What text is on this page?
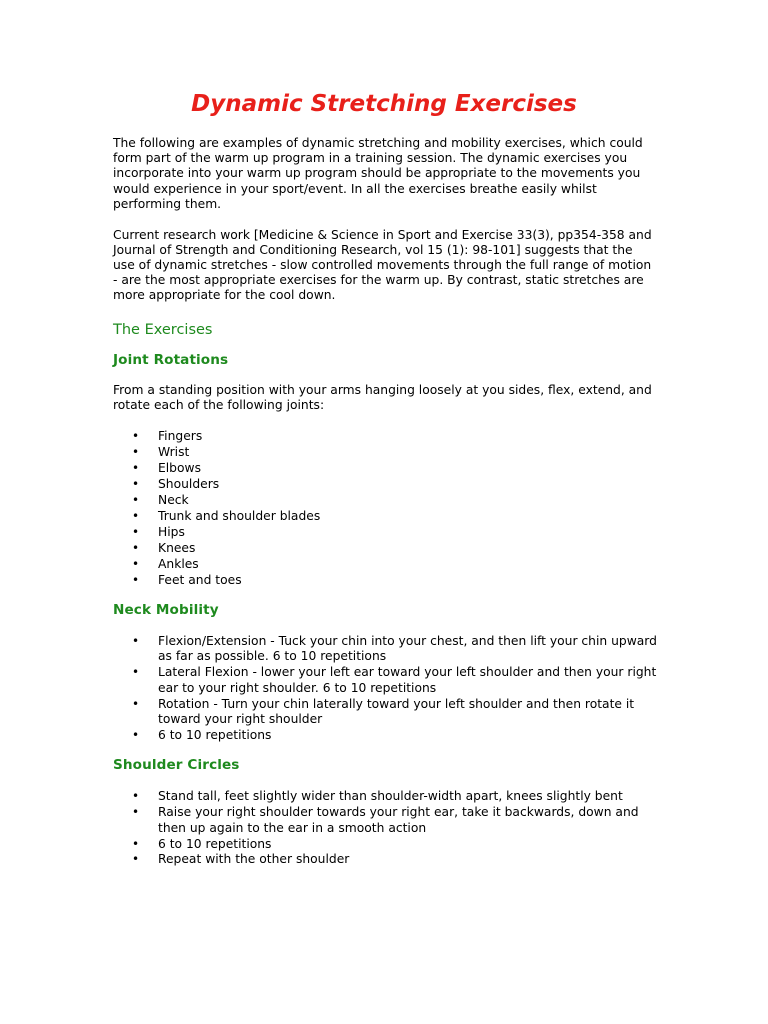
Dynamic Stretching Exercises

The following are examples of dynamic stretching and mobility exercises, which could form part of the warm up program in a training session. The dynamic exercises you incorporate into your warm up program should be appropriate to the movements you would experience in your sport/event. In all the exercises breathe easily whilst performing them.

Current research work [Medicine & Science in Sport and Exercise 33(3), pp354-358 and Journal of Strength and Conditioning Research, vol 15 (1): 98-101] suggests that the use of dynamic stretches - slow controlled movements through the full range of motion - are the most appropriate exercises for the warm up. By contrast, static stretches are more appropriate for the cool down.

The Exercises
Joint Rotations

From a standing position with your arms hanging loosely at you sides, flex, extend, and rotate each of the following joints:

• Fingers
• Wrist
• Elbows
• Shoulders
• Neck
• Trunk and shoulder blades
• Hips
• Knees
• Ankles
• Feet and toes
Neck Mobility
• Flexion/Extension - Tuck your chin into your chest, and then lift your chin upward as far as possible. 6 to 10 repetitions
• Lateral Flexion - lower your left ear toward your left shoulder and then your right ear to your right shoulder. 6 to 10 repetitions
• Rotation - Turn your chin laterally toward your left shoulder and then rotate it toward your right shoulder
• 6 to 10 repetitions
Shoulder Circles
• Stand tall, feet slightly wider than shoulder-width apart, knees slightly bent
• Raise your right shoulder towards your right ear, take it backwards, down and then up again to the ear in a smooth action
• 6 to 10 repetitions
• Repeat with the other shoulder
